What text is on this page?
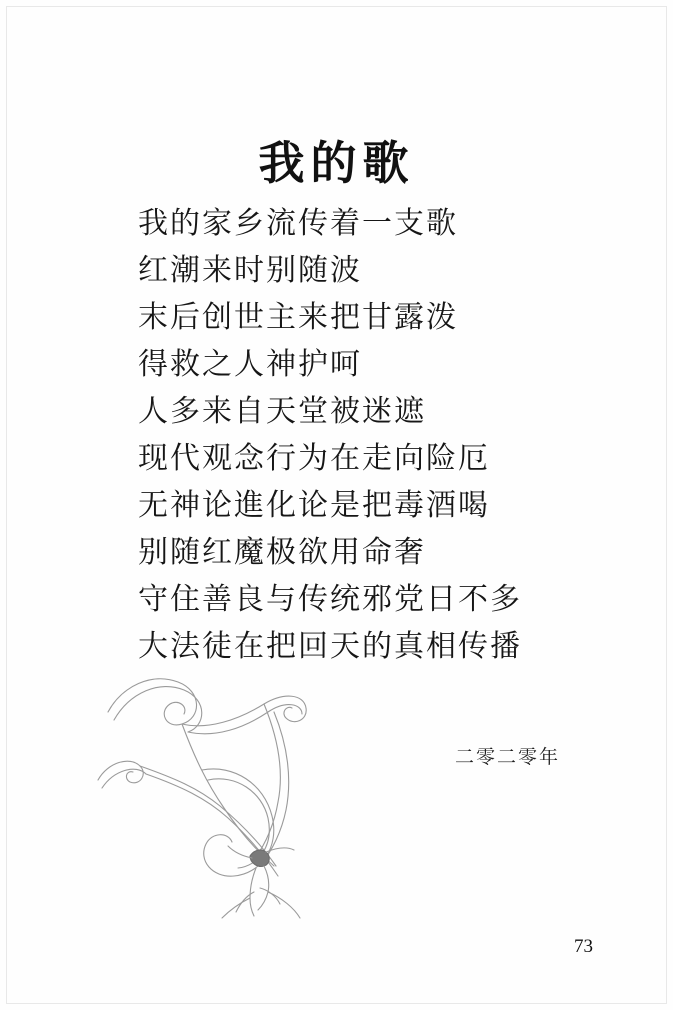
我的歌
我的家乡流传着一支歌
红潮来时别随波
末后创世主来把甘露泼
得救之人神护呵
人多来自天堂被迷遮
现代观念行为在走向险厄
无神论進化论是把毒酒喝
别随红魔极欲用命奢
守住善良与传统邪党日不多
大法徒在把回天的真相传播
二零二零年
73
